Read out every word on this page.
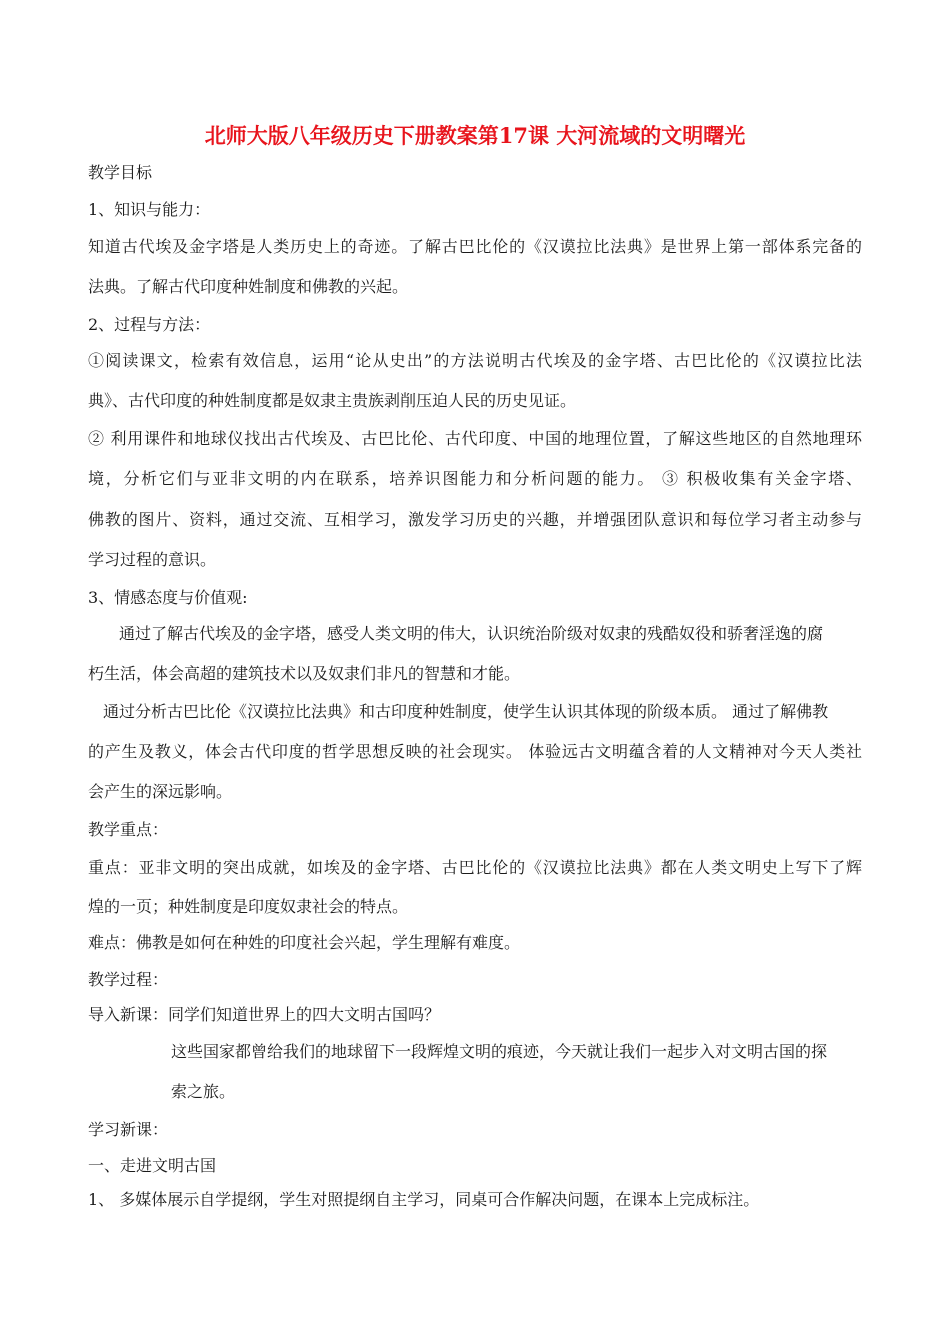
北师大版八年级历史下册教案第17课 大河流域的文明曙光
教学目标
1、知识与能力：
知道古代埃及金字塔是人类历史上的奇迹。了解古巴比伦的《汉谟拉比法典》是世界上第一部体系完备的
法典。了解古代印度种姓制度和佛教的兴起。
2、过程与方法：
①阅读课文，检索有效信息，运用“论从史出”的方法说明古代埃及的金字塔、古巴比伦的《汉谟拉比法
典》、古代印度的种姓制度都是奴隶主贵族剥削压迫人民的历史见证。
② 利用课件和地球仪找出古代埃及、古巴比伦、古代印度、中国的地理位置，了解这些地区的自然地理环
境，分析它们与亚非文明的内在联系，培养识图能力和分析问题的能力。 ③ 积极收集有关金字塔、
佛教的图片、资料，通过交流、互相学习，激发学习历史的兴趣，并增强团队意识和每位学习者主动参与
学习过程的意识。
3、情感态度与价值观:
通过了解古代埃及的金字塔，感受人类文明的伟大，认识统治阶级对奴隶的残酷奴役和骄奢淫逸的腐
朽生活，体会高超的建筑技术以及奴隶们非凡的智慧和才能。
通过分析古巴比伦《汉谟拉比法典》和古印度种姓制度，使学生认识其体现的阶级本质。 通过了解佛教
的产生及教义，体会古代印度的哲学思想反映的社会现实。 体验远古文明蕴含着的人文精神对今天人类社
会产生的深远影响。
教学重点：
重点：亚非文明的突出成就，如埃及的金字塔、古巴比伦的《汉谟拉比法典》都在人类文明史上写下了辉
煌的一页；种姓制度是印度奴隶社会的特点。
难点：佛教是如何在种姓的印度社会兴起，学生理解有难度。
教学过程：
导入新课：同学们知道世界上的四大文明古国吗？
这些国家都曾给我们的地球留下一段辉煌文明的痕迹，今天就让我们一起步入对文明古国的探
索之旅。
学习新课：
一、走进文明古国
1、 多媒体展示自学提纲，学生对照提纲自主学习，同桌可合作解决问题，在课本上完成标注。
